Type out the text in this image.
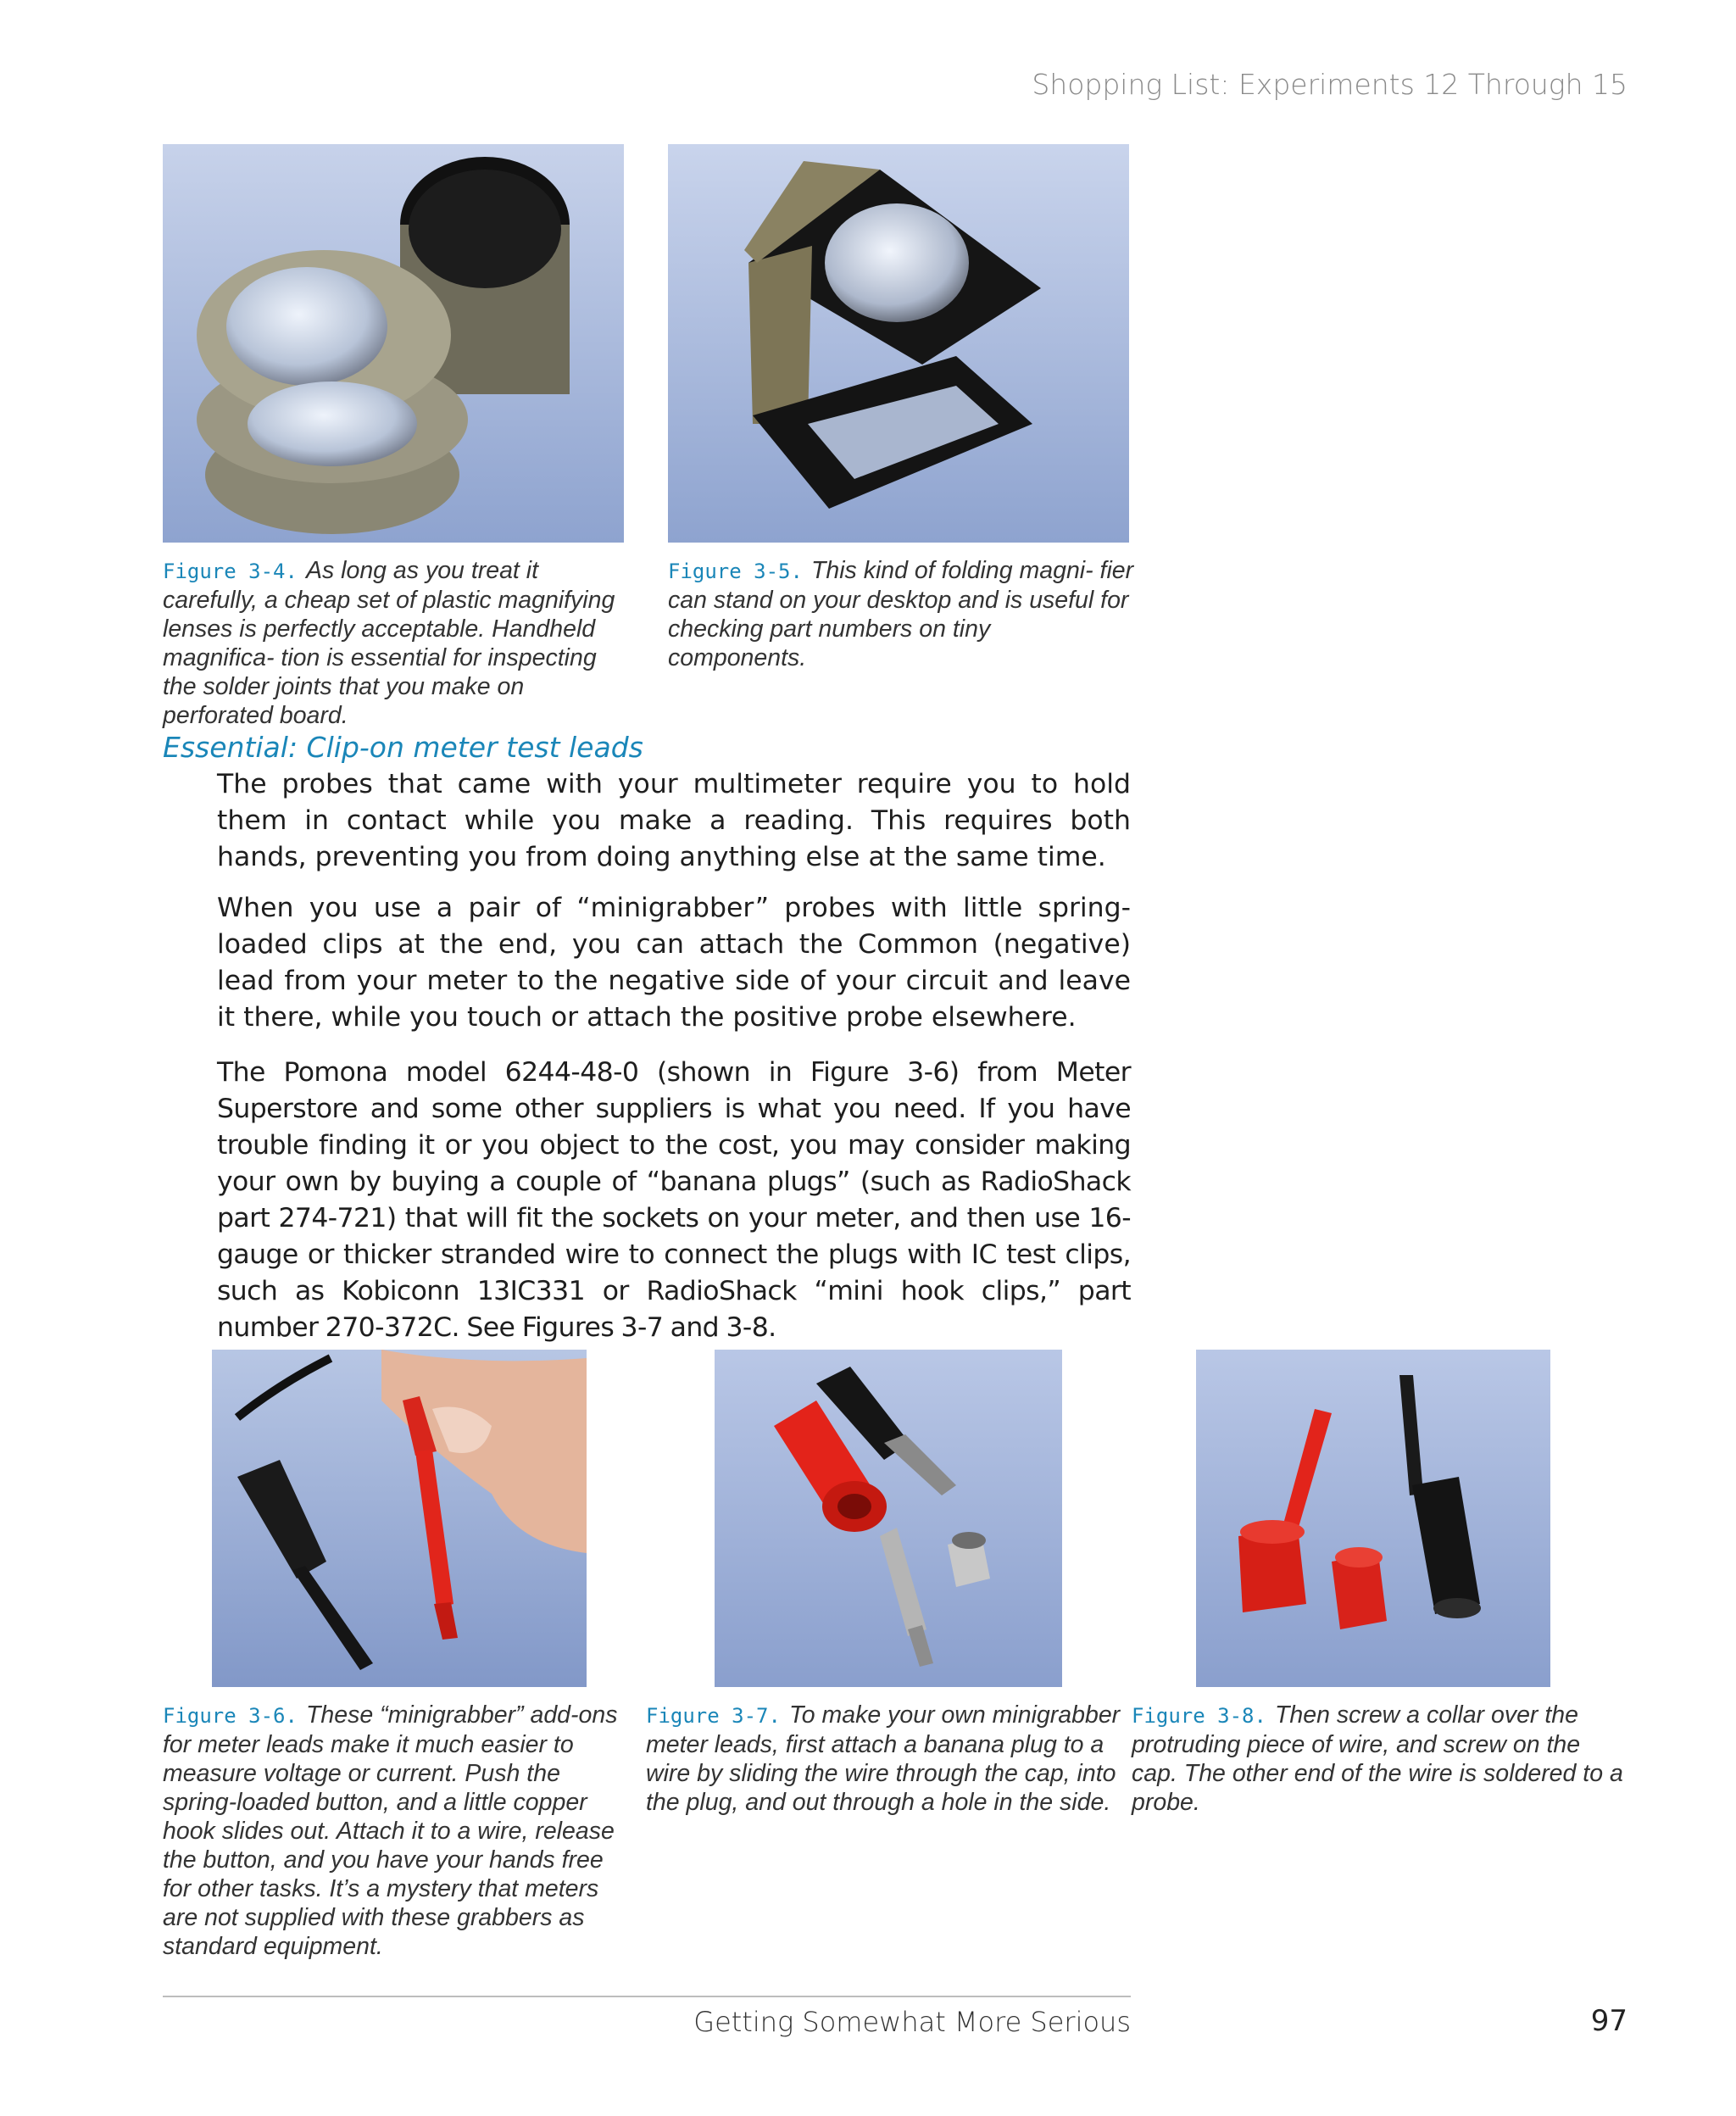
Shopping List: Experiments 12 Through 15
Figure 3-4. As long as you treat it carefully, a cheap set of plastic magnifying lenses is perfectly acceptable. Handheld magnifica- tion is essential for inspecting the solder joints that you make on perforated board.
Figure 3-5. This kind of folding magni- fier can stand on your desktop and is useful for checking part numbers on tiny components.
Essential: Clip-on meter test leads

The probes that came with your multimeter require you to hold them in contact while you make a reading. This requires both hands, preventing you from doing anything else at the same time.

When you use a pair of “minigrabber” probes with little spring-loaded clips at the end, you can attach the Common (negative) lead from your meter to the negative side of your circuit and leave it there, while you touch or attach the positive probe elsewhere.

The Pomona model 6244-48-0 (shown in Figure 3-6) from Meter Superstore and some other suppliers is what you need. If you have trouble finding it or you object to the cost, you may consider making your own by buying a couple of “banana plugs” (such as RadioShack part 274-721) that will fit the sockets on your meter, and then use 16-gauge or thicker stranded wire to connect the plugs with IC test clips, such as Kobiconn 13IC331 or RadioShack “mini hook clips,” part number 270-372C. See Figures 3-7 and 3-8.

Figure 3-6. These “minigrabber” add-ons for meter leads make it much easier to measure voltage or current. Push the spring-loaded button, and a little copper hook slides out. Attach it to a wire, release the button, and you have your hands free for other tasks. It’s a mystery that meters are not supplied with these grabbers as standard equipment.
Figure 3-7. To make your own minigrabber meter leads, first attach a banana plug to a wire by sliding the wire through the cap, into the plug, and out through a hole in the side.
Figure 3-8. Then screw a collar over the protruding piece of wire, and screw on the cap. The other end of the wire is soldered to a probe.
Getting Somewhat More Serious	97
